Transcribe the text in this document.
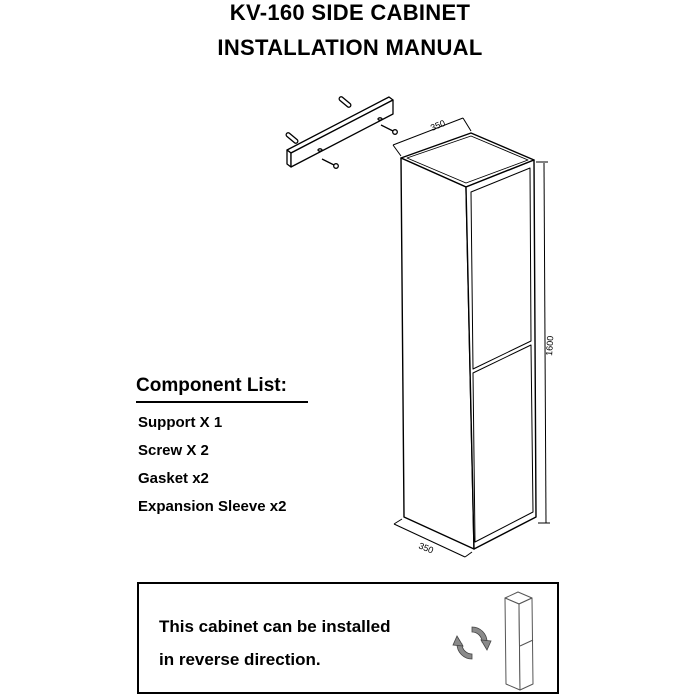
KV-160 SIDE CABINET
INSTALLATION MANUAL
350
1600
350
Component List:
Support X 1
Screw X 2
Gasket x2
Expansion Sleeve x2
This cabinet can be installed
in reverse direction.
